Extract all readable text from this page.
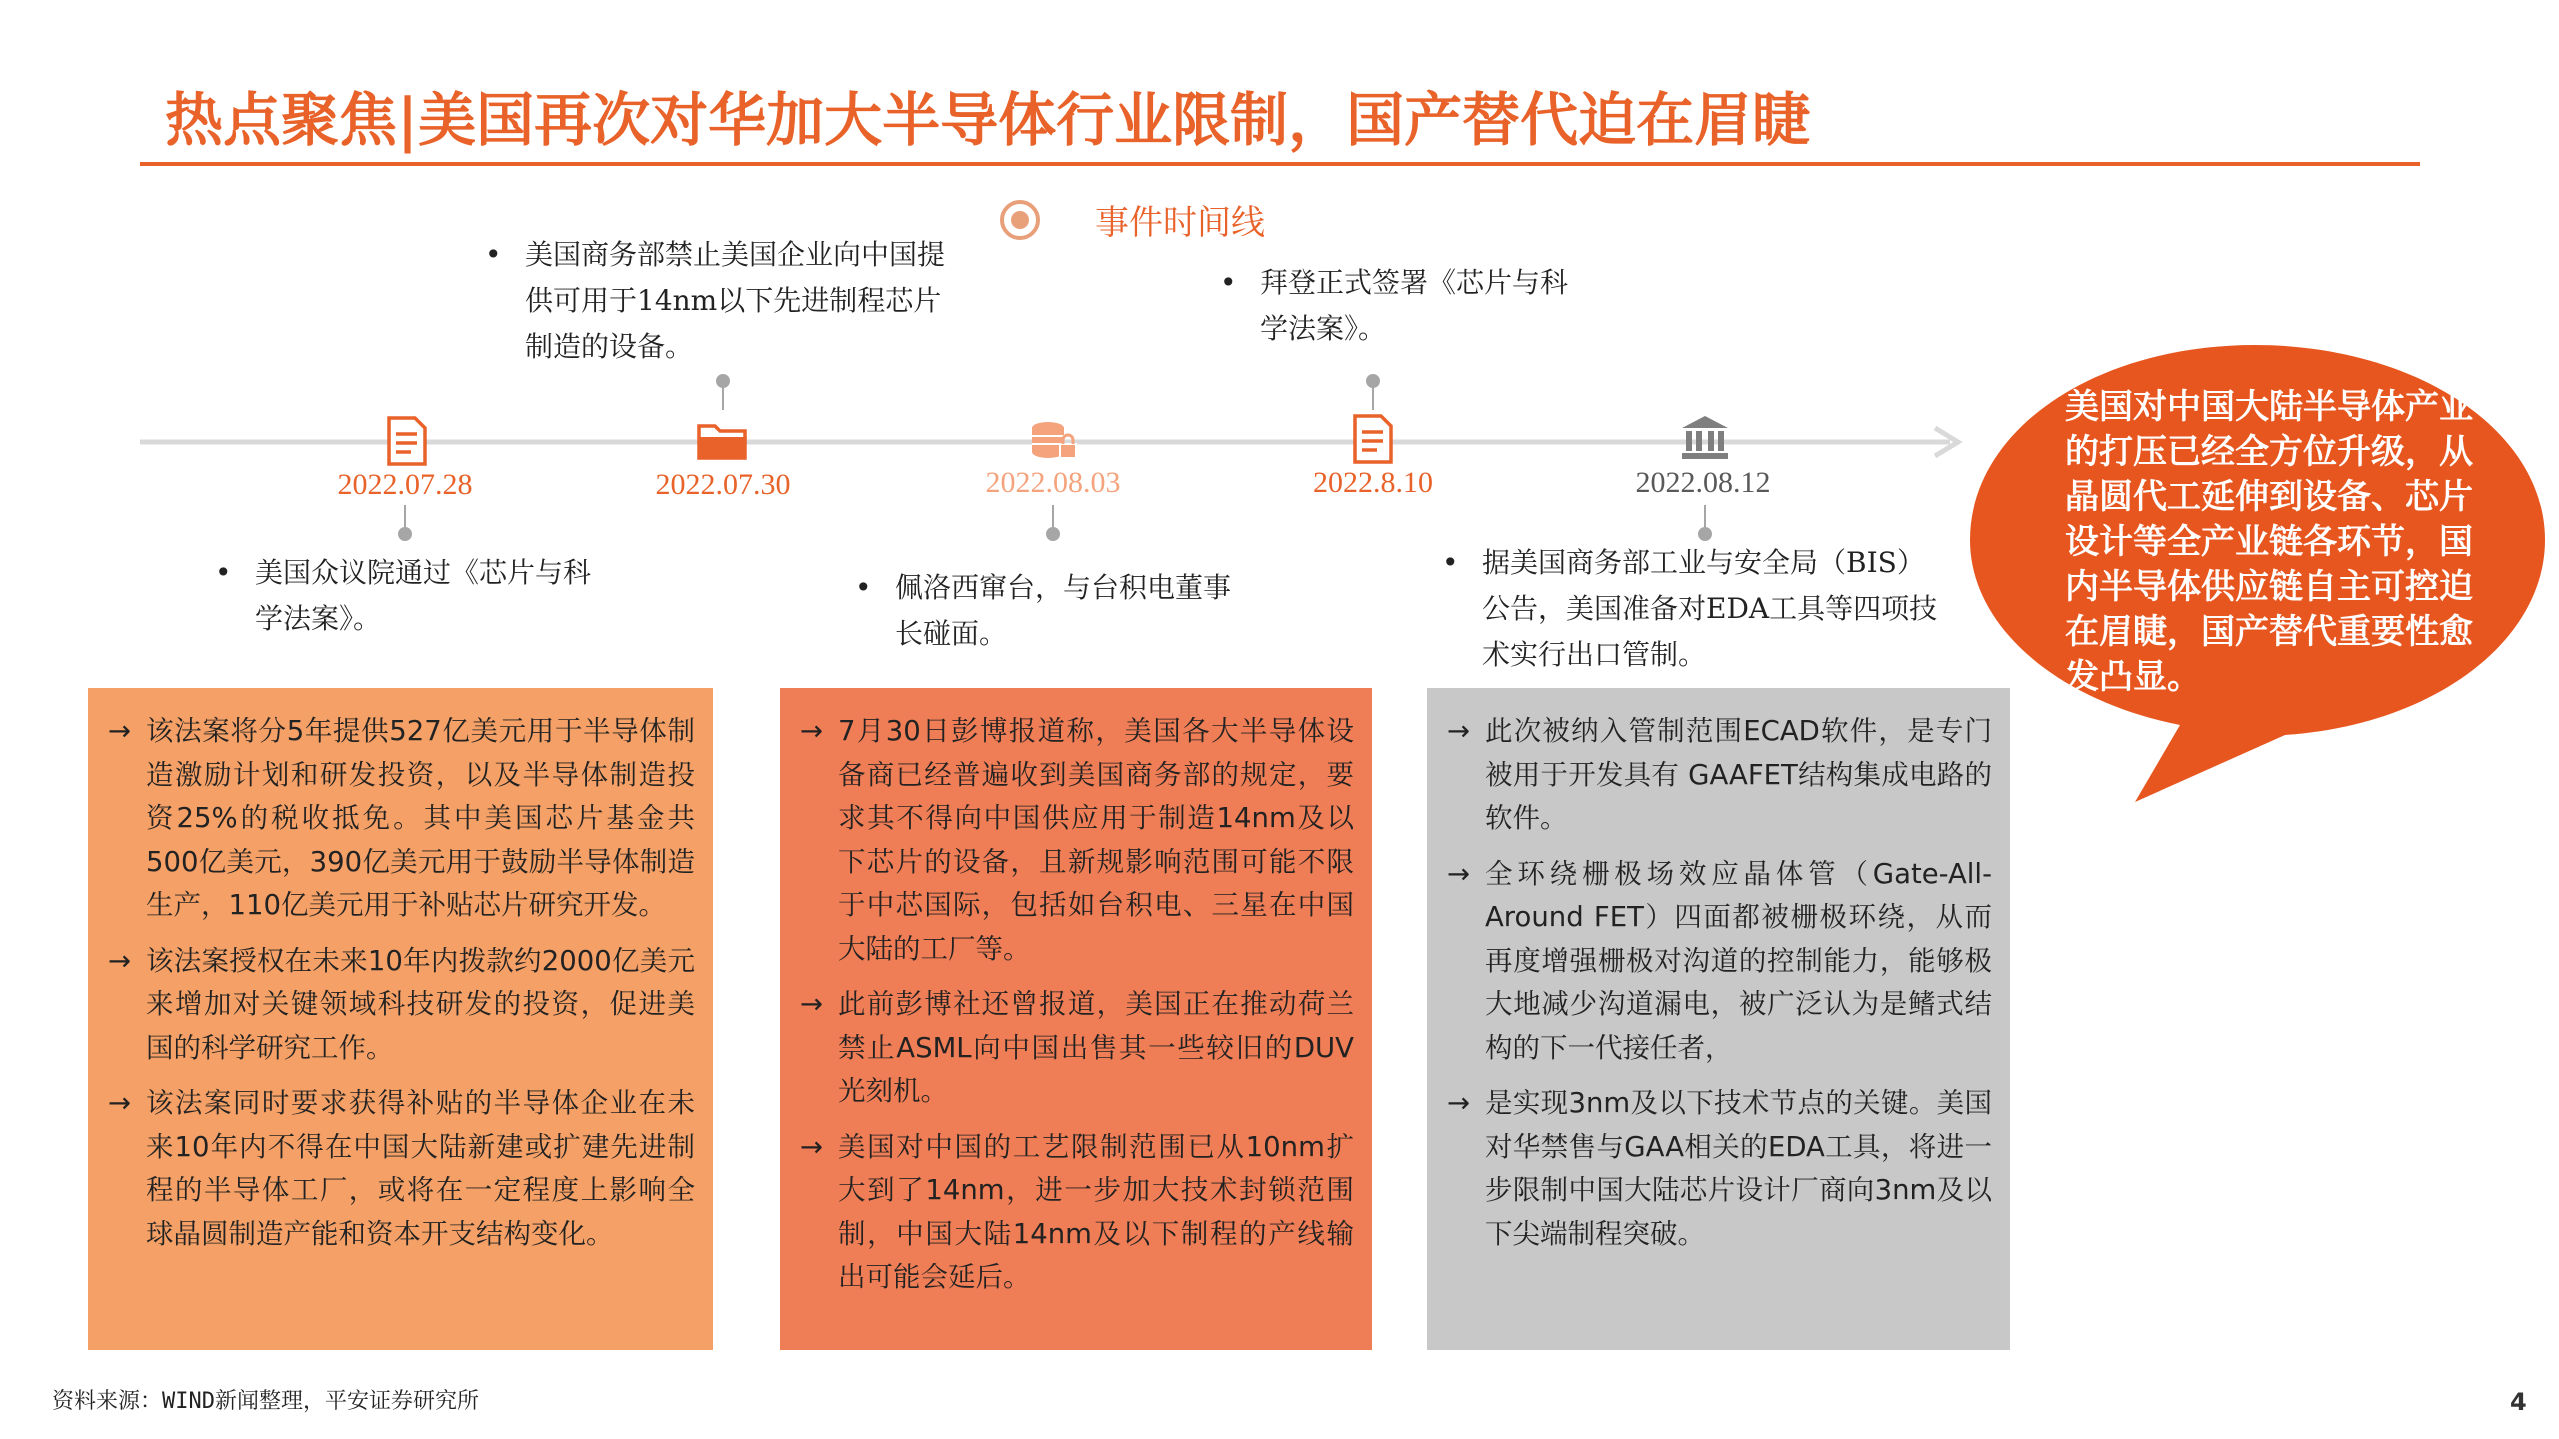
热点聚焦|美国再次对华加大半导体行业限制，国产替代迫在眉睫
事件时间线
2022.07.28	2022.07.30	2022.08.03	2022.8.10	2022.08.12
• 美国众议院通过《芯片与科学法案》。
• 美国商务部禁止美国企业向中国提供可用于14nm以下先进制程芯片制造的设备。
• 佩洛西窜台，与台积电董事长碰面。
• 拜登正式签署《芯片与科学法案》。
• 据美国商务部工业与安全局（BIS）公告，美国准备对EDA工具等四项技术实行出口管制。
→ 该法案将分5年提供527亿美元用于半导体制造激励计划和研发投资，以及半导体制造投资25%的税收抵免。其中美国芯片基金共500亿美元，390亿美元用于鼓励半导体制造生产，110亿美元用于补贴芯片研究开发。
→ 该法案授权在未来10年内拨款约2000亿美元来增加对关键领域科技研发的投资，促进美国的科学研究工作。
→ 该法案同时要求获得补贴的半导体企业在未来10年内不得在中国大陆新建或扩建先进制程的半导体工厂，或将在一定程度上影响全球晶圆制造产能和资本开支结构变化。
→ 7月30日彭博报道称，美国各大半导体设备商已经普遍收到美国商务部的规定，要求其不得向中国供应用于制造14nm及以下芯片的设备，且新规影响范围可能不限于中芯国际，包括如台积电、三星在中国大陆的工厂等。
→ 此前彭博社还曾报道，美国正在推动荷兰禁止ASML向中国出售其一些较旧的DUV光刻机。
→ 美国对中国的工艺限制范围已从10nm扩大到了14nm，进一步加大技术封锁范围制，中国大陆14nm及以下制程的产线输出可能会延后。
→ 此次被纳入管制范围ECAD软件，是专门被用于开发具有 GAAFET结构集成电路的软件。
→ 全环绕栅极场效应晶体管（Gate-All-Around FET）四面都被栅极环绕，从而再度增强栅极对沟道的控制能力，能够极大地减少沟道漏电，被广泛认为是鳍式结构的下一代接任者，
→ 是实现3nm及以下技术节点的关键。美国对华禁售与GAA相关的EDA工具，将进一步限制中国大陆芯片设计厂商向3nm及以下尖端制程突破。
美国对中国大陆半导体产业的打压已经全方位升级，从晶圆代工延伸到设备、芯片设计等全产业链各环节，国内半导体供应链自主可控迫在眉睫，国产替代重要性愈发凸显。
资料来源：WIND新闻整理，平安证券研究所	4
